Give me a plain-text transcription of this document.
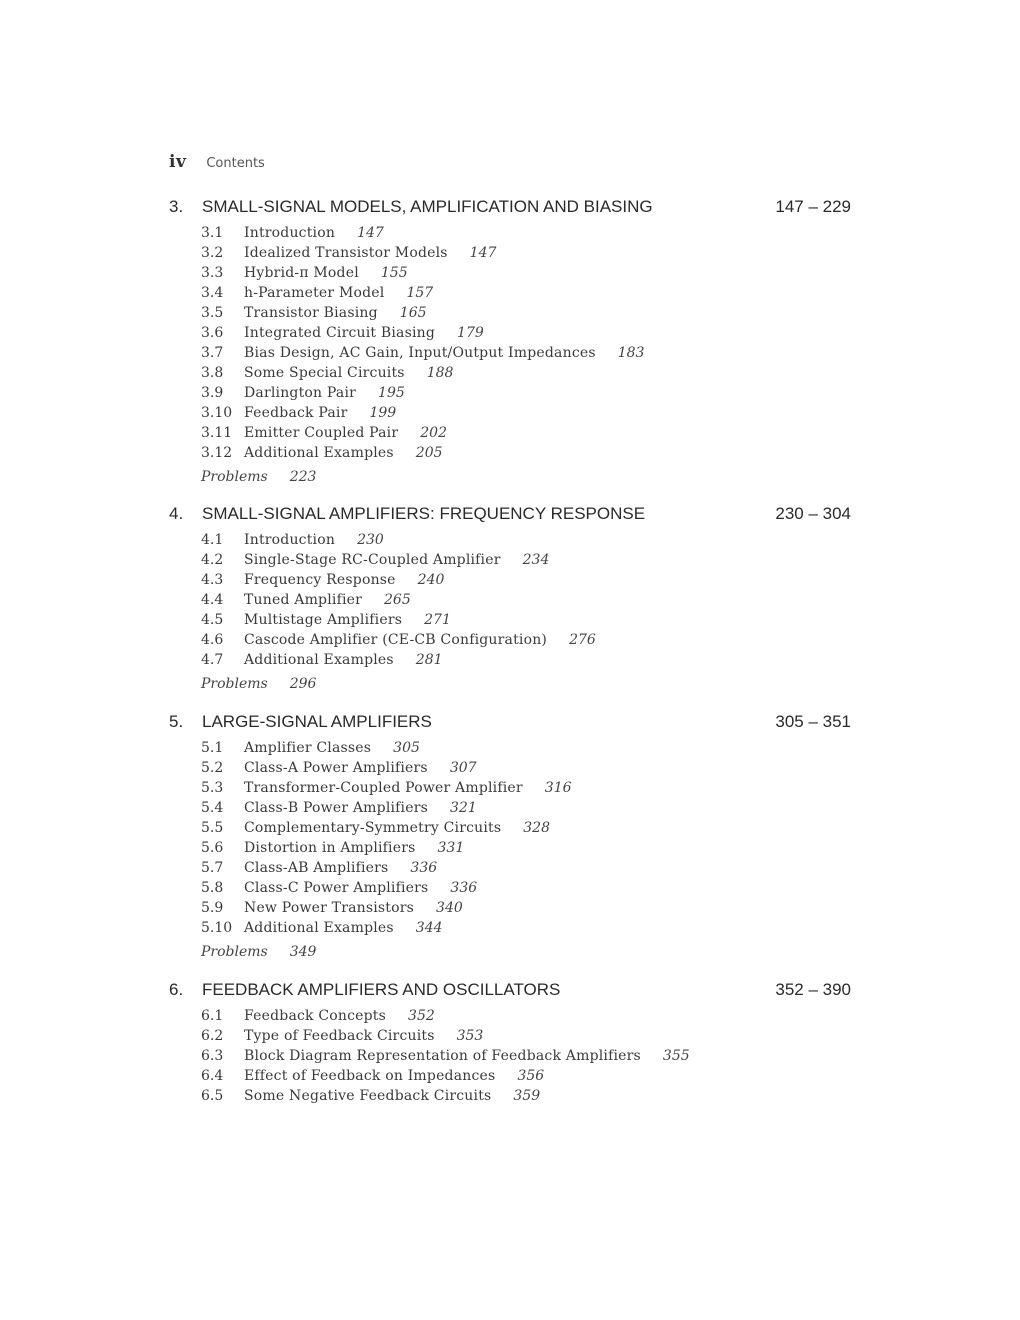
iv Contents
3. SMALL-SIGNAL MODELS, AMPLIFICATION AND BIASING	147 – 229
3.1	Introduction 147
3.2	Idealized Transistor Models 147
3.3	Hybrid-π Model 155
3.4	h-Parameter Model 157
3.5	Transistor Biasing 165
3.6	Integrated Circuit Biasing 179
3.7	Bias Design, AC Gain, Input/Output Impedances 183
3.8	Some Special Circuits 188
3.9	Darlington Pair 195
3.10 Feedback Pair 199
3.11 Emitter Coupled Pair 202
3.12 Additional Examples 205
Problems 223
4. SMALL-SIGNAL AMPLIFIERS: FREQUENCY RESPONSE	230 – 304
4.1	Introduction 230
4.2	Single-Stage RC-Coupled Amplifier 234
4.3	Frequency Response 240
4.4	Tuned Amplifier 265
4.5	Multistage Amplifiers 271
4.6	Cascode Amplifier (CE-CB Configuration) 276
4.7	Additional Examples 281
Problems 296
5. LARGE-SIGNAL AMPLIFIERS	305 – 351
5.1	Amplifier Classes 305
5.2	Class-A Power Amplifiers 307
5.3	Transformer-Coupled Power Amplifier 316
5.4	Class-B Power Amplifiers 321
5.5	Complementary-Symmetry Circuits 328
5.6	Distortion in Amplifiers 331
5.7	Class-AB Amplifiers 336
5.8	Class-C Power Amplifiers 336
5.9	New Power Transistors 340
5.10 Additional Examples 344
Problems 349
6. FEEDBACK AMPLIFIERS AND OSCILLATORS	352 – 390
6.1	Feedback Concepts 352
6.2	Type of Feedback Circuits 353
6.3	Block Diagram Representation of Feedback Amplifiers 355
6.4	Effect of Feedback on Impedances 356
6.5	Some Negative Feedback Circuits 359
